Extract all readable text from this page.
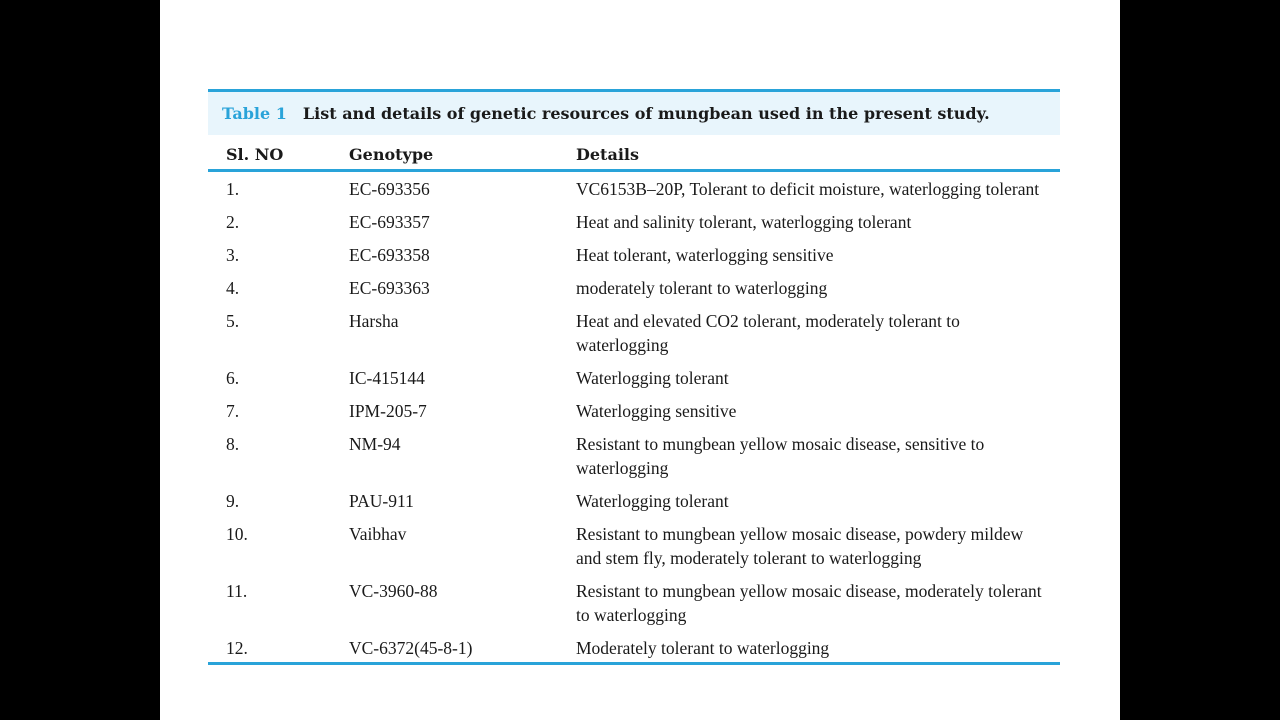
Table 1 List and details of genetic resources of mungbean used in the present study.
Sl. NO	Genotype	Details
1.	EC-693356	VC6153B–20P, Tolerant to deficit moisture, waterlogging tolerant
2.	EC-693357	Heat and salinity tolerant, waterlogging tolerant
3.	EC-693358	Heat tolerant, waterlogging sensitive
4.	EC-693363	moderately tolerant to waterlogging
5.	Harsha	Heat and elevated CO2 tolerant, moderately tolerant to waterlogging
6.	IC-415144	Waterlogging tolerant
7.	IPM-205-7	Waterlogging sensitive
8.	NM-94	Resistant to mungbean yellow mosaic disease, sensitive to waterlogging
9.	PAU-911	Waterlogging tolerant
10.	Vaibhav	Resistant to mungbean yellow mosaic disease, powdery mildew and stem fly, moderately tolerant to waterlogging
11.	VC-3960-88	Resistant to mungbean yellow mosaic disease, moderately tolerant to waterlogging
12.	VC-6372(45-8-1)	Moderately tolerant to waterlogging
